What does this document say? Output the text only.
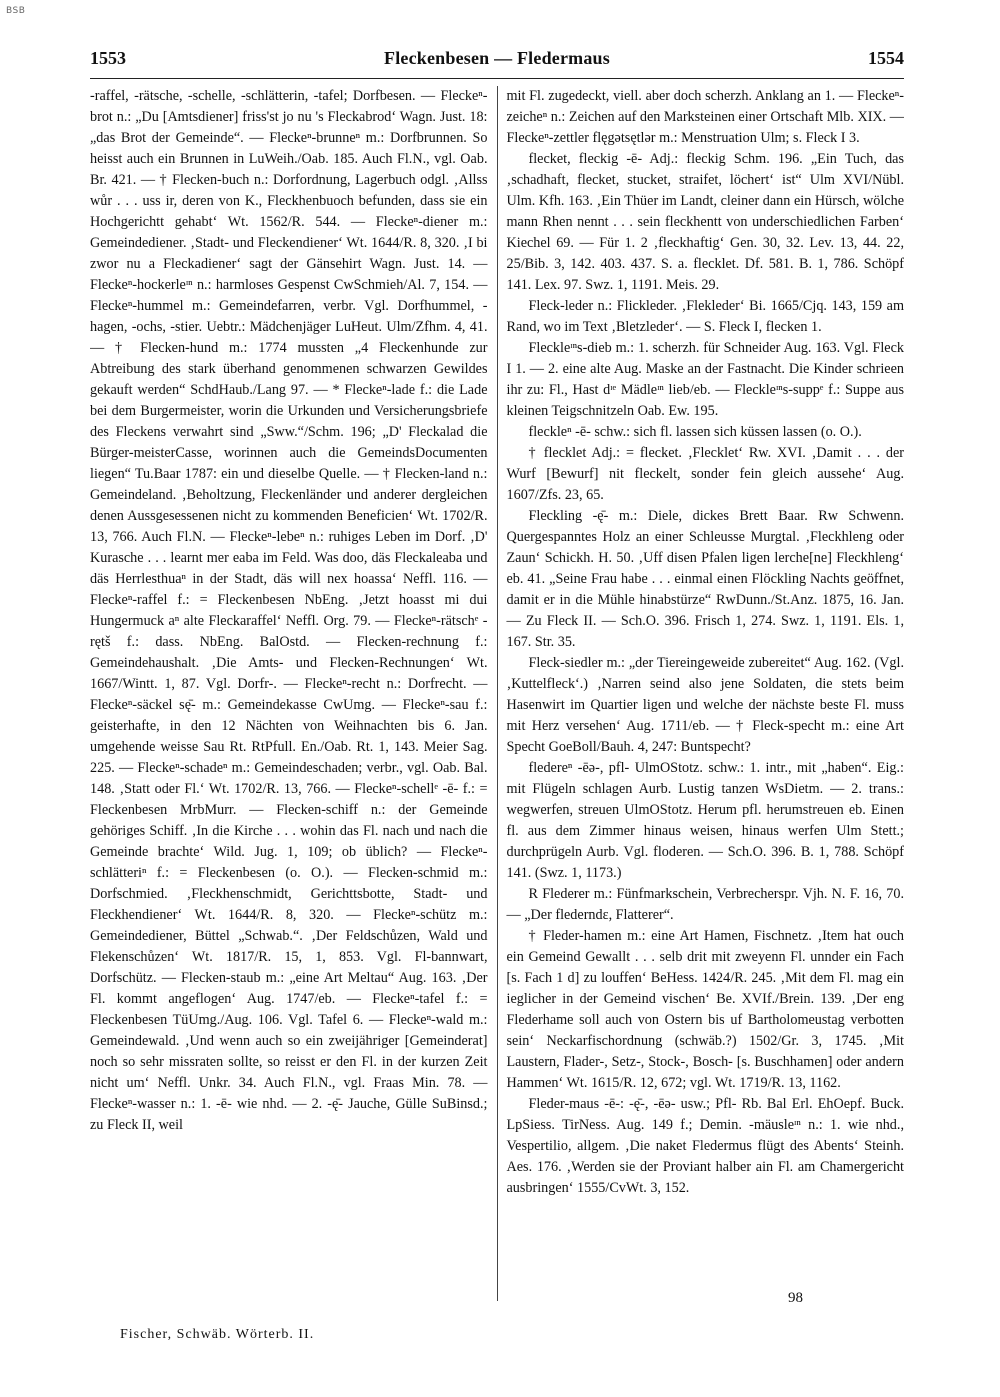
BSB
1553	Fleckenbesen — Fledermaus	1554

-raffel, -rätsche, -schelle, -schlätterin, -tafel; Dorfbesen. — Fleckeⁿ-brot n.: „Du [Amtsdiener] friss'st jo nu 's Fleckabrod‘ Wagn. Just. 18: „das Brot der Gemeinde“. — Fleckeⁿ-brunneⁿ m.: Dorfbrunnen. So heisst auch ein Brunnen in LuWeih./Oab. 185. Auch Fl.N., vgl. Oab. Br. 421. — † Flecken-buch n.: Dorfordnung, Lagerbuch odgl. ‚Allss wůr . . . uss ir, deren von K., Fleckhenbuoch befunden, dass sie ein Hochgerichtt gehabt‘ Wt. 1562/R. 544. — Fleckeⁿ-diener m.: Gemeindediener. ‚Stadt- und Fleckendiener‘ Wt. 1644/R. 8, 320. ‚I bi zwor nu a Fleckadiener‘ sagt der Gänsehirt Wagn. Just. 14. — Fleckeⁿ-hockerleᶦⁿ n.: harmloses Gespenst CwSchmieh/Al. 7, 154. — Fleckeⁿ-hummel m.: Gemeindefarren, verbr. Vgl. Dorfhummel, -hagen, -ochs, -stier. Uebtr.: Mädchenjäger LuHeut. Ulm/Zfhm. 4, 41. — † Flecken-hund m.: 1774 mussten „4 Fleckenhunde zur Abtreibung des stark überhand genommenen schwarzen Gewildes gekauft werden“ SchdHaub./Lang 97. — * Fleckeⁿ-lade f.: die Lade bei dem Burgermeister, worin die Urkunden und Versicherungsbriefe des Fleckens verwahrt sind „Sww.“/Schm. 196; „D' Fleckalad die Bürger-meisterCasse, worinnen auch die GemeindsDocumenten liegen“ Tu.Baar 1787: ein und dieselbe Quelle. — † Flecken-land n.: Gemeindeland. ‚Beholtzung, Fleckenländer und anderer dergleichen denen Aussgesessenen nicht zu kommenden Beneficien‘ Wt. 1702/R. 13, 766. Auch Fl.N. — Fleckeⁿ-lebeⁿ n.: ruhiges Leben im Dorf. ‚D' Kurasche . . . learnt mer eaba im Feld. Was doo, däs Fleckaleaba und däs Herrlesthuaⁿ in der Stadt, däs will nex hoassa‘ Neffl. 116. — Fleckeⁿ-raffel f.: = Fleckenbesen NbEng. ‚Jetzt hoasst mi dui Hungermuck aⁿ alte Fleckaraffel‘ Neffl. Org. 79. — Fleckeⁿ-rätschᵉ -rętš f.: dass. NbEng. BalOstd. — Flecken-rechnung f.: Gemeindehaushalt. ‚Die Amts- und Flecken-Rechnungen‘ Wt. 1667/Wintt. 1, 87. Vgl. Dorfr-. — Fleckeⁿ-recht n.: Dorfrecht. — Fleckeⁿ-säckel sę̄- m.: Gemeindekasse CwUmg. — Fleckeⁿ-sau f.: geisterhafte, in den 12 Nächten von Weihnachten bis 6. Jan. umgehende weisse Sau Rt. RtPfull. En./Oab. Rt. 1, 143. Meier Sag. 225. — Fleckeⁿ-schadeⁿ m.: Gemeindeschaden; verbr., vgl. Oab. Bal. 148. ‚Statt oder Fl.‘ Wt. 1702/R. 13, 766. — Fleckeⁿ-schellᵉ -ē- f.: = Fleckenbesen MrbMurr. — Flecken-schiff n.: der Gemeinde gehöriges Schiff. ‚In die Kirche . . . wohin das Fl. nach und nach die Gemeinde brachte‘ Wild. Jug. 1, 109; ob üblich? — Fleckeⁿ-schlätteriⁿ f.: = Fleckenbesen (o. O.). — Flecken-schmid m.: Dorfschmied. ‚Fleckhenschmidt, Gerichttsbotte, Stadt- und Fleckhendiener‘ Wt. 1644/R. 8, 320. — Fleckeⁿ-schütz m.: Gemeindediener, Büttel „Schwab.“. ‚Der Feldschůzen, Wald und Flekenschůzen‘ Wt. 1817/R. 15, 1, 853. Vgl. Fl-bannwart, Dorfschütz. — Flecken-staub m.: „eine Art Meltau“ Aug. 163. ‚Der Fl. kommt angeflogen‘ Aug. 1747/eb. — Fleckeⁿ-tafel f.: = Fleckenbesen TüUmg./Aug. 106. Vgl. Tafel 6. — Fleckeⁿ-wald m.: Gemeindewald. ‚Und wenn auch so ein zweijähriger [Gemeinderat] noch so sehr missraten sollte, so reisst er den Fl. in der kurzen Zeit nicht um‘ Neffl. Unkr. 34. Auch Fl.N., vgl. Fraas Min. 78. — Fleckeⁿ-wasser n.: 1. -ē- wie nhd. — 2. -ę̄- Jauche, Gülle SuBinsd.; zu Fleck II, weil

mit Fl. zugedeckt, viell. aber doch scherzh. Anklang an 1. — Fleckeⁿ-zeicheⁿ n.: Zeichen auf den Marksteinen einer Ortschaft Mlb. XIX. — Fleckeⁿ-zettler flęgətsętlər m.: Menstruation Ulm; s. Fleck I 3.

flecket, fleckig -ē- Adj.: fleckig Schm. 196. „Ein Tuch, das ‚schadhaft, flecket, stucket, straifet, löchert‘ ist“ Ulm XVI/Nübl. Ulm. Kfh. 163. ‚Ein Thüer im Landt, cleiner dann ein Hürsch, wölche mann Rhen nennt . . . sein fleckhentt von underschiedlichen Farben‘ Kiechel 69. — Für 1. 2 ‚fleckhaftig‘ Gen. 30, 32. Lev. 13, 44. 22, 25/Bib. 3, 142. 403. 437. S. a. flecklet. Df. 581. B. 1, 786. Schöpf 141. Lex. 97. Swz. 1, 1191. Meis. 29.

Fleck-leder n.: Flickleder. ‚Flekleder‘ Bi. 1665/Cjq. 143, 159 am Rand, wo im Text ‚Bletzleder‘. — S. Fleck I, flecken 1.

Fleckleᶦⁿs-dieb m.: 1. scherzh. für Schneider Aug. 163. Vgl. Fleck I 1. — 2. eine alte Aug. Maske an der Fastnacht. Die Kinder schrieen ihr zu: Fl., Hast dᶦᵉ Mädleᶦⁿ lieb/eb. — Fleckleᶦⁿs-suppᵉ f.: Suppe aus kleinen Teigschnitzeln Oab. Ew. 195.

fleckleⁿ -ē- schw.: sich fl. lassen sich küssen lassen (o. O.).

† flecklet Adj.: = flecket. ‚Flecklet‘ Rw. XVI. ‚Damit . . . der Wurf [Bewurf] nit fleckelt, sonder fein gleich aussehe‘ Aug. 1607/Zfs. 23, 65.

Fleckling -ę̄- m.: Diele, dickes Brett Baar. Rw Schwenn. Quergespanntes Holz an einer Schleusse Murgtal. ‚Fleckhleng oder Zaun‘ Schickh. H. 50. ‚Uff disen Pfalen ligen lerche[ne] Fleckhleng‘ eb. 41. „Seine Frau habe . . . einmal einen Flöckling Nachts geöffnet, damit er in die Mühle hinabstürze“ RwDunn./St.Anz. 1875, 16. Jan. — Zu Fleck II. — Sch.O. 396. Frisch 1, 274. Swz. 1, 1191. Els. 1, 167. Str. 35.

Fleck-siedler m.: „der Tiereingeweide zubereitet“ Aug. 162. (Vgl. ‚Kuttelfleck‘.) ‚Narren seind also jene Soldaten, die stets beim Hasenwirt im Quartier ligen und welche der nächste beste Fl. muss mit Herz versehen‘ Aug. 1711/eb. — † Fleck-specht m.: eine Art Specht GoeBoll/Bauh. 4, 247: Buntspecht?

fledereⁿ -ēə-, pfl- UlmOStotz. schw.: 1. intr., mit „haben“. Eig.: mit Flügeln schlagen Aurb. Lustig tanzen WsDietm. — 2. trans.: wegwerfen, streuen UlmOStotz. Herum pfl. herumstreuen eb. Einen fl. aus dem Zimmer hinaus weisen, hinaus werfen Ulm Stett.; durchprügeln Aurb. Vgl. floderen. — Sch.O. 396. B. 1, 788. Schöpf 141. (Swz. 1, 1173.)

R Flederer m.: Fünfmarkschein, Verbrecherspr. Vjh. N. F. 16, 70. — „Der flederndε, Flatterer“.

† Fleder-hamen m.: eine Art Hamen, Fischnetz. ‚Item hat ouch ein Gemeind Gewallt . . . selb drit mit zweyenn Fl. unnder ein Fach [s. Fach 1 d] zu louffen‘ BeHess. 1424/R. 245. ‚Mit dem Fl. mag ein ieglicher in der Gemeind vischen‘ Be. XVIf./Brein. 139. ‚Der eng Flederhame soll auch von Ostern bis uf Bartholomeustag verbotten sein‘ Neckarfischordnung (schwäb.?) 1502/Gr. 3, 1745. ‚Mit Laustern, Flader-, Setz-, Stock-, Bosch- [s. Buschhamen] oder andern Hammen‘ Wt. 1615/R. 12, 672; vgl. Wt. 1719/R. 13, 1162.

Fleder-maus -ē-: -ę̄-, -ēə- usw.; Pfl- Rb. Bal Erl. EhOepf. Buck. LpSiess. TirNess. Aug. 149 f.; Demin. -mäusleᶦⁿ n.: 1. wie nhd., Vespertilio, allgem. ‚Die naket Fledermus flügt des Abents‘ Steinh. Aes. 176. ‚Werden sie der Proviant halber ain Fl. am Chamergericht ausbringen‘ 1555/CvWt. 3, 152.

98
Fischer, Schwäb. Wörterb. II.
